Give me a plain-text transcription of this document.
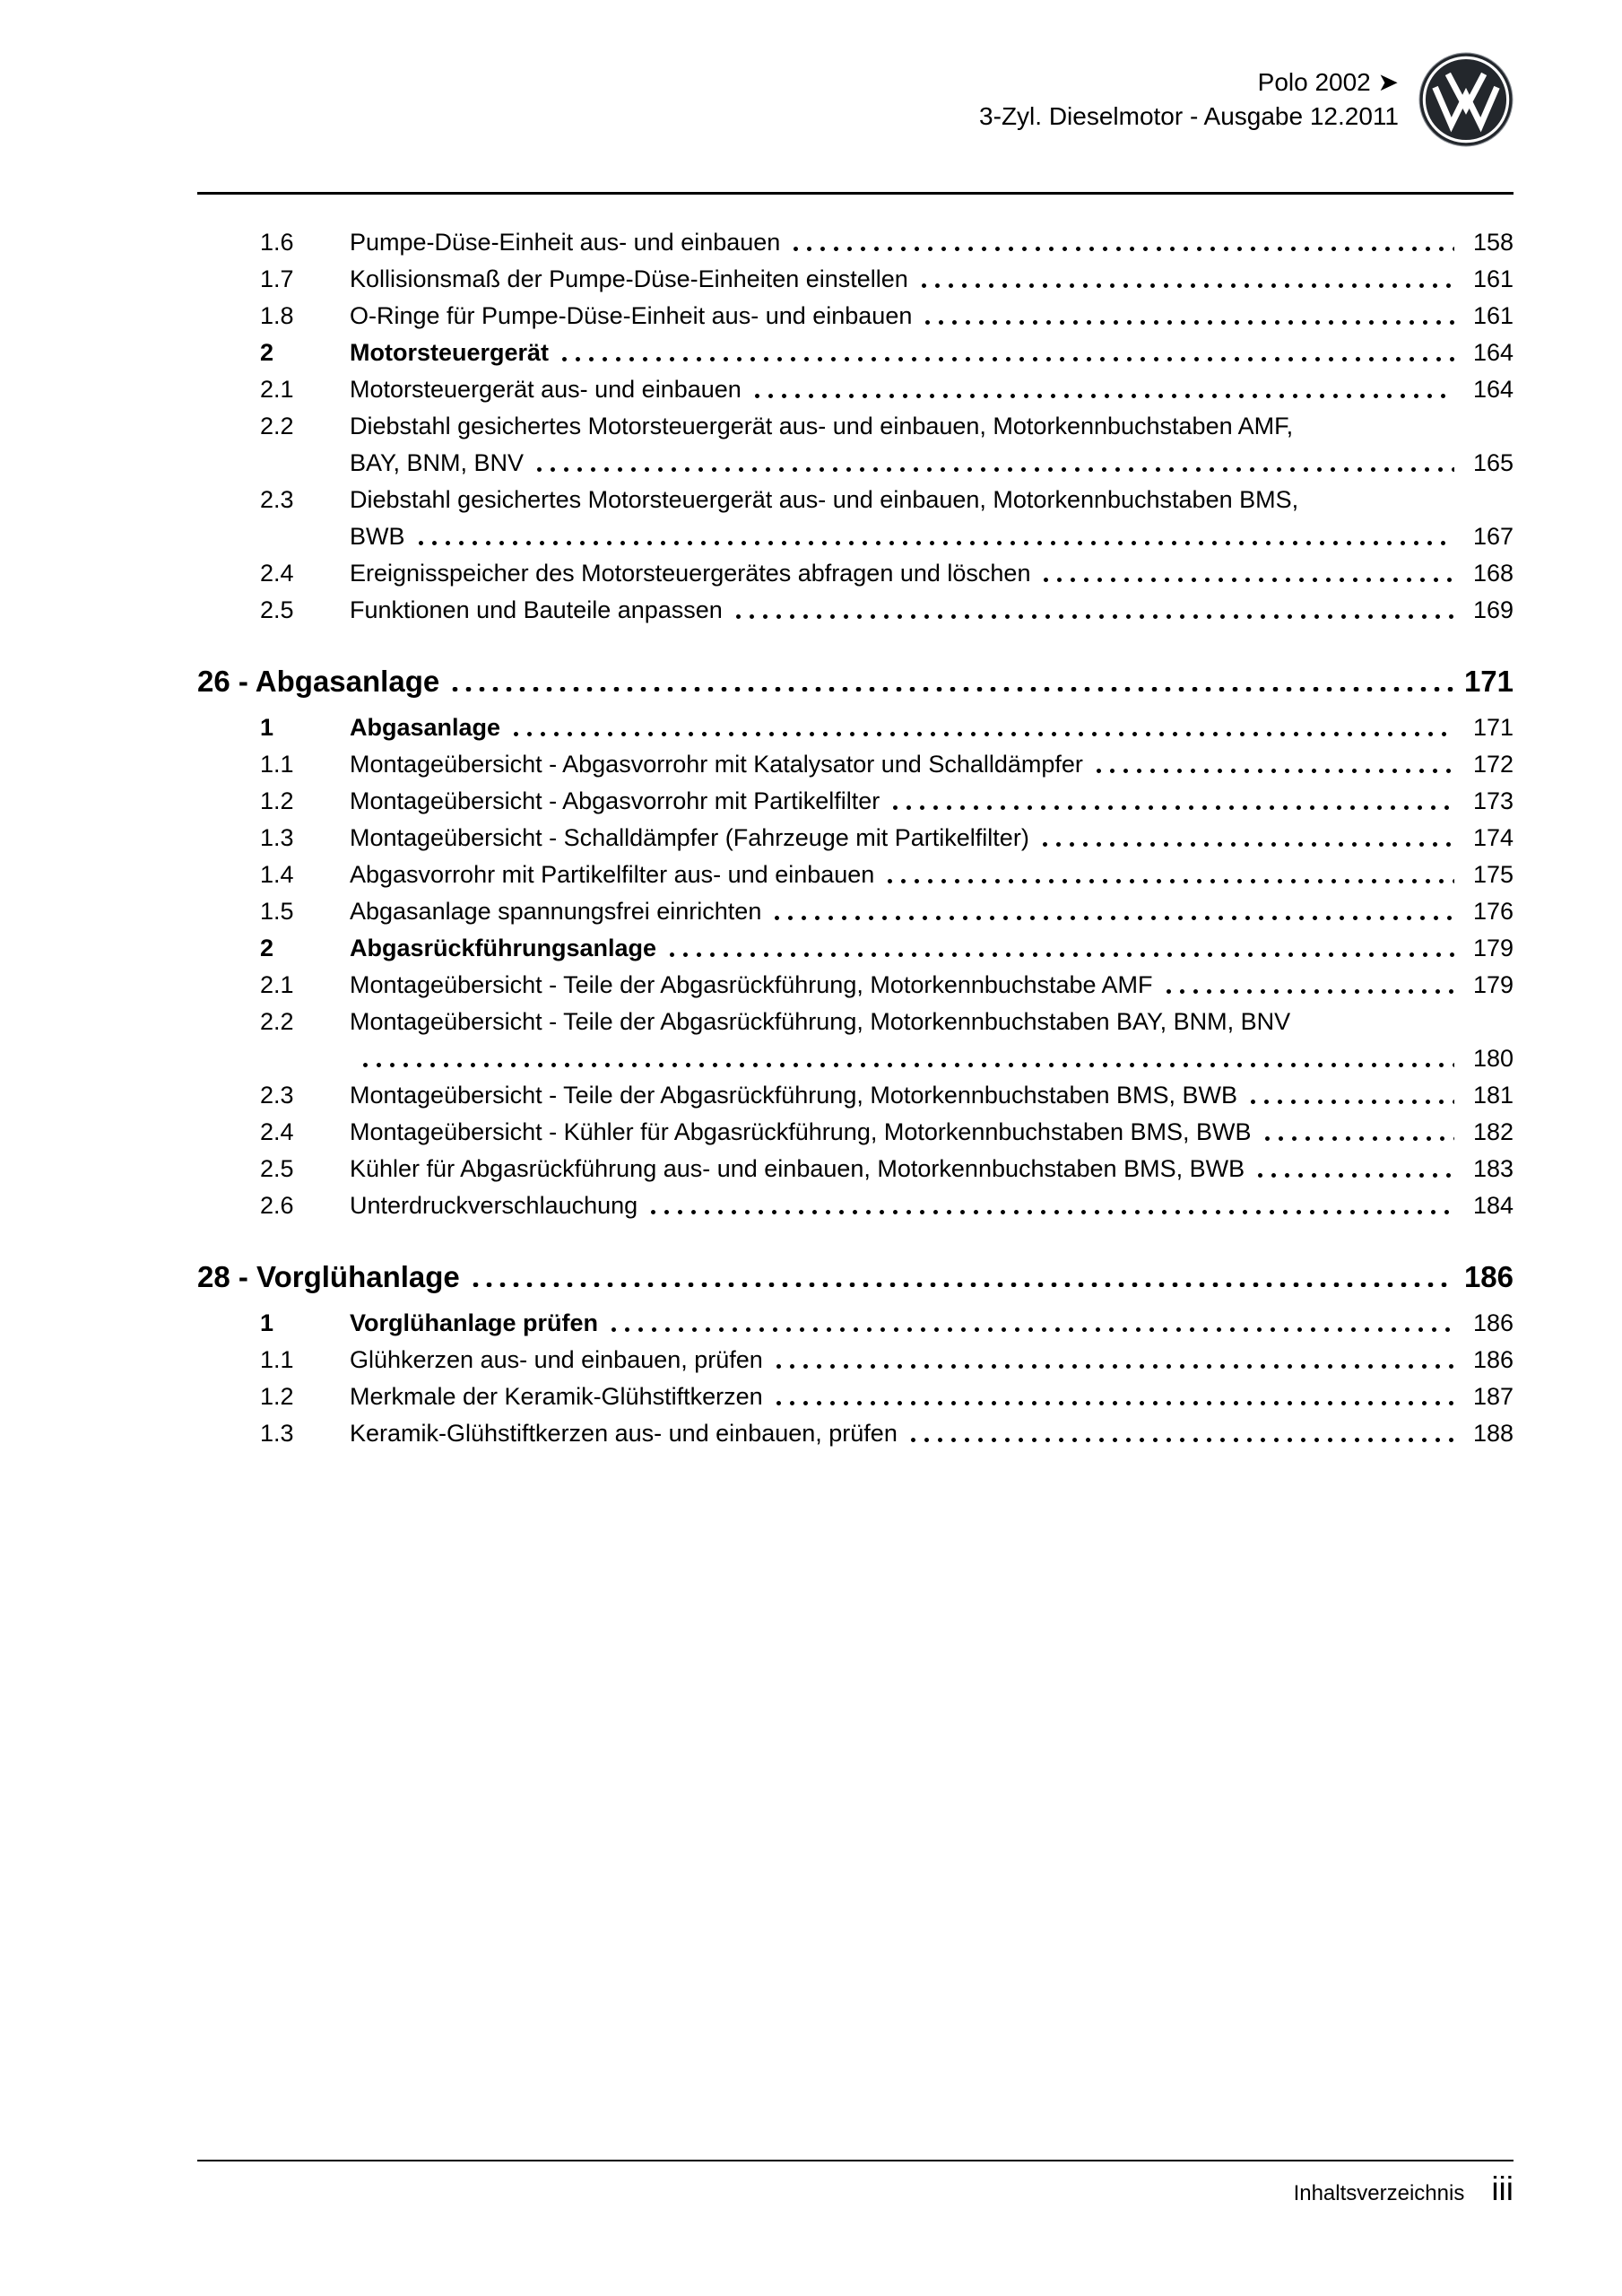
Polo 2002 ➤
3-Zyl. Dieselmotor - Ausgabe 12.2011
1.6	Pumpe-Düse-Einheit aus- und einbauen	158
1.7	Kollisionsmaß der Pumpe-Düse-Einheiten einstellen	161
1.8	O-Ringe für Pumpe-Düse-Einheit aus- und einbauen	161
2	Motorsteuergerät	164
2.1	Motorsteuergerät aus- und einbauen	164
2.2	Diebstahl gesichertes Motorsteuergerät aus- und einbauen, Motorkennbuchstaben AMF,
BAY, BNM, BNV	165
2.3	Diebstahl gesichertes Motorsteuergerät aus- und einbauen, Motorkennbuchstaben BMS,
BWB	167
2.4	Ereignisspeicher des Motorsteuergerätes abfragen und löschen	168
2.5	Funktionen und Bauteile anpassen	169
26 - Abgasanlage	171
1	Abgasanlage	171
1.1	Montageübersicht - Abgasvorrohr mit Katalysator und Schalldämpfer	172
1.2	Montageübersicht - Abgasvorrohr mit Partikelfilter	173
1.3	Montageübersicht - Schalldämpfer (Fahrzeuge mit Partikelfilter)	174
1.4	Abgasvorrohr mit Partikelfilter aus- und einbauen	175
1.5	Abgasanlage spannungsfrei einrichten	176
2	Abgasrückführungsanlage	179
2.1	Montageübersicht - Teile der Abgasrückführung, Motorkennbuchstabe AMF	179
2.2	Montageübersicht - Teile der Abgasrückführung, Motorkennbuchstaben BAY, BNM, BNV
180
2.3	Montageübersicht - Teile der Abgasrückführung, Motorkennbuchstaben BMS, BWB	181
2.4	Montageübersicht - Kühler für Abgasrückführung, Motorkennbuchstaben BMS, BWB	182
2.5	Kühler für Abgasrückführung aus- und einbauen, Motorkennbuchstaben BMS, BWB	183
2.6	Unterdruckverschlauchung	184
28 - Vorglühanlage	186
1	Vorglühanlage prüfen	186
1.1	Glühkerzen aus- und einbauen, prüfen	186
1.2	Merkmale der Keramik-Glühstiftkerzen	187
1.3	Keramik-Glühstiftkerzen aus- und einbauen, prüfen	188
Inhaltsverzeichnis iii
